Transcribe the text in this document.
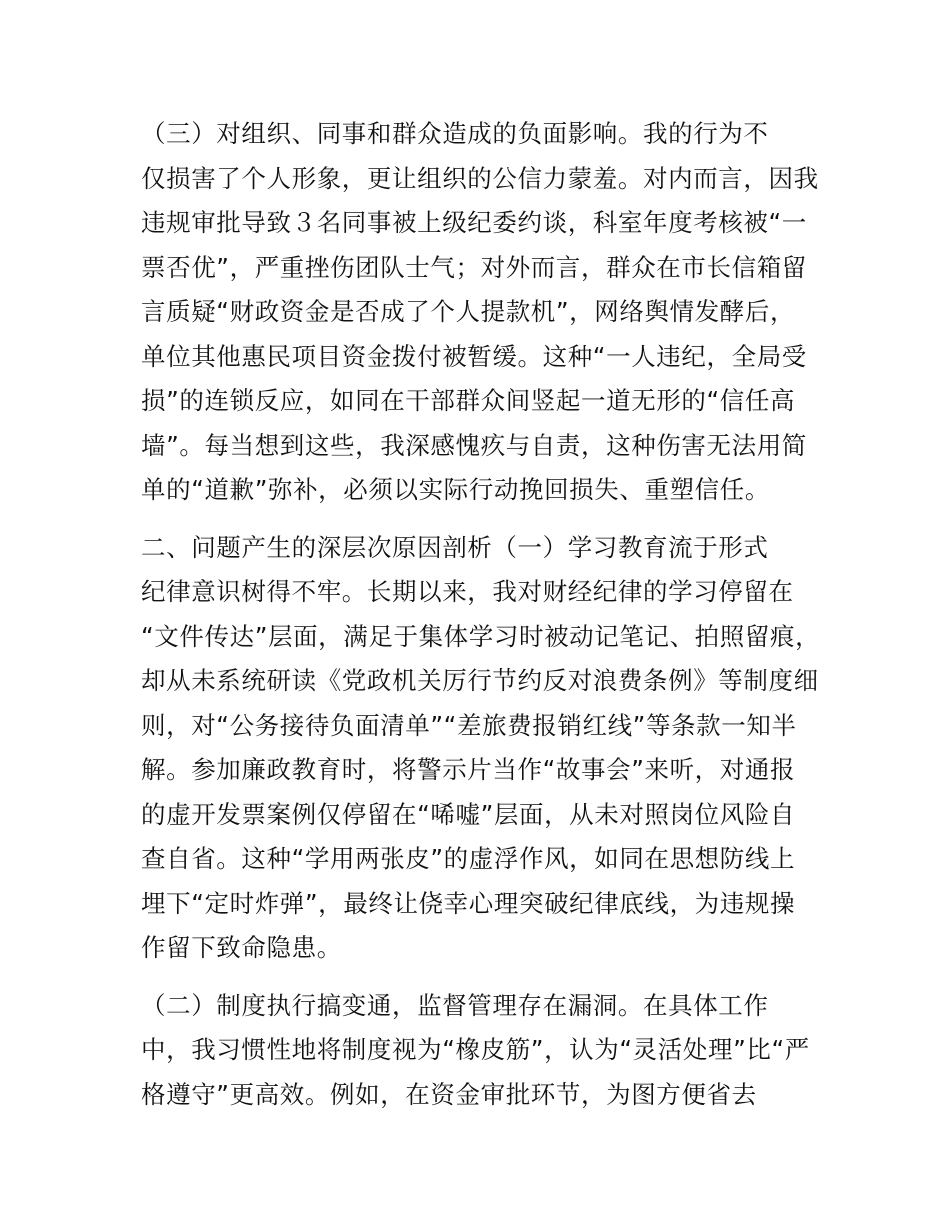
（三）对组织、同事和群众造成的负面影响。我的行为不
仅损害了个人形象，更让组织的公信力蒙羞。对内而言，因我
违规审批导致３名同事被上级纪委约谈，科室年度考核被“一
票否优”，严重挫伤团队士气；对外而言，群众在市长信箱留
言质疑“财政资金是否成了个人提款机”，网络舆情发酵后，
单位其他惠民项目资金拨付被暂缓。这种“一人违纪，全局受
损”的连锁反应，如同在干部群众间竖起一道无形的“信任高
墙”。每当想到这些，我深感愧疚与自责，这种伤害无法用简
单的“道歉”弥补，必须以实际行动挽回损失、重塑信任。
二、问题产生的深层次原因剖析（一）学习教育流于形式
纪律意识树得不牢。长期以来，我对财经纪律的学习停留在
“文件传达”层面，满足于集体学习时被动记笔记、拍照留痕，
却从未系统研读《党政机关厉行节约反对浪费条例》等制度细
则，对“公务接待负面清单”“差旅费报销红线”等条款一知半
解。参加廉政教育时，将警示片当作“故事会”来听，对通报
的虚开发票案例仅停留在“唏嘘”层面，从未对照岗位风险自
查自省。这种“学用两张皮”的虚浮作风，如同在思想防线上
埋下“定时炸弹”，最终让侥幸心理突破纪律底线，为违规操
作留下致命隐患。
（二）制度执行搞变通，监督管理存在漏洞。在具体工作
中，我习惯性地将制度视为“橡皮筋”，认为“灵活处理”比“严
格遵守”更高效。例如，在资金审批环节，为图方便省去
